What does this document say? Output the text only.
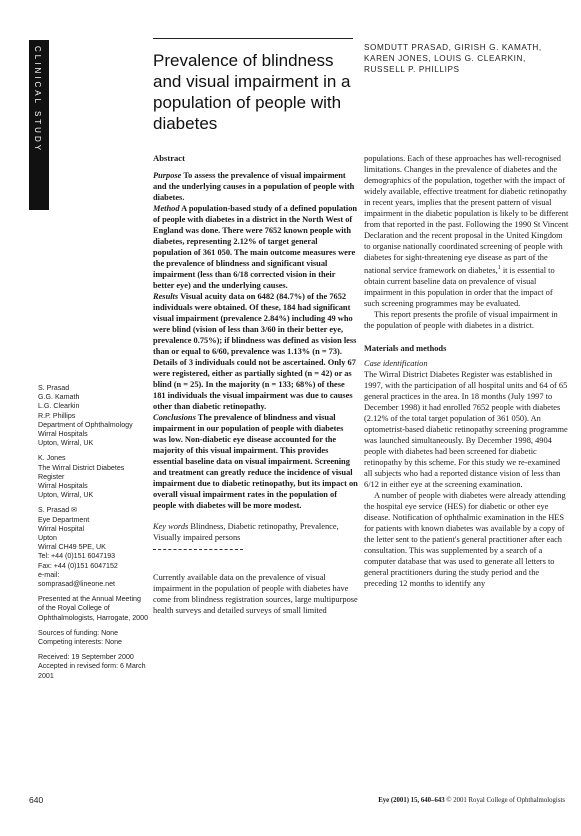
CLINICAL STUDY	Prevalence of blindness and visual impairment in a population of people with diabetes
SOMDUTT PRASAD, GIRISH G. KAMATH, KAREN JONES, LOUIS G. CLEARKIN, RUSSELL P. PHILLIPS

S. Prasad
G.G. Kamath
L.G. Clearkin
R.P. Phillips
Department of Ophthalmology
Wirral Hospitals
Upton, Wirral, UK

K. Jones
The Wirral District Diabetes Register
Wirral Hospitals
Upton, Wirral, UK

S. Prasad ✉
Eye Department
Wirral Hospital
Upton
Wirral CH49 5PE, UK
Tel: +44 (0)151 6047193
Fax: +44 (0)151 6047152
e-mail:
somprasad@lineone.net

Presented at the Annual Meeting of the Royal College of Ophthalmologists, Harrogate, 2000

Sources of funding: None
Competing interests: None

Received: 19 September 2000
Accepted in revised form: 6 March 2001

Abstract

Purpose To assess the prevalence of visual impairment and the underlying causes in a population of people with diabetes.

Method A population-based study of a defined population of people with diabetes in a district in the North West of England was done. There were 7652 known people with diabetes, representing 2.12% of target general population of 361 050. The main outcome measures were the prevalence of blindness and significant visual impairment (less than 6/18 corrected vision in their better eye) and the underlying causes.

Results Visual acuity data on 6482 (84.7%) of the 7652 individuals were obtained. Of these, 184 had significant visual impairment (prevalence 2.84%) including 49 who were blind (vision of less than 3/60 in their better eye, prevalence 0.75%); if blindness was defined as vision less than or equal to 6/60, prevalence was 1.13% (n = 73). Details of 3 individuals could not be ascertained. Only 67 were registered, either as partially sighted (n = 42) or as blind (n = 25). In the majority (n = 133; 68%) of these 181 individuals the visual impairment was due to causes other than diabetic retinopathy.

Conclusions The prevalence of blindness and visual impairment in our population of people with diabetes was low. Non-diabetic eye disease accounted for the majority of this visual impairment. This provides essential baseline data on visual impairment. Screening and treatment can greatly reduce the incidence of visual impairment due to diabetic retinopathy, but its impact on overall visual impairment rates in the population of people with diabetes will be more modest.

Key words Blindness, Diabetic retinopathy, Prevalence, Visually impaired persons

Currently available data on the prevalence of visual impairment in the population of people with diabetes have come from blindness registration sources, large multipurpose health surveys and detailed surveys of small limited

populations. Each of these approaches has well-recognised limitations. Changes in the prevalence of diabetes and the demographics of the population, together with the impact of widely available, effective treatment for diabetic retinopathy in recent years, implies that the present pattern of visual impairment in the diabetic population is likely to be different from that reported in the past. Following the 1990 St Vincent Declaration and the recent proposal in the United Kingdom to organise nationally coordinated screening of people with diabetes for sight-threatening eye disease as part of the national service framework on diabetes,$^1$ it is essential to obtain current baseline data on prevalence of visual impairment in this population in order that the impact of such screening programmes may be evaluated.

This report presents the profile of visual impairment in the population of people with diabetes in a district.

Materials and methods
Case identification

The Wirral District Diabetes Register was established in 1997, with the participation of all hospital units and 64 of 65 general practices in the area. In 18 months (July 1997 to December 1998) it had enrolled 7652 people with diabetes (2.12% of the total target population of 361 050). An optometrist-based diabetic retinopathy screening programme was launched simultaneously. By December 1998, 4904 people with diabetes had been screened for diabetic retinopathy by this scheme. For this study we re-examined all subjects who had a reported distance vision of less than 6/12 in either eye at the screening examination.

A number of people with diabetes were already attending the hospital eye service (HES) for diabetic or other eye disease. Notification of ophthalmic examination in the HES for patients with known diabetes was available by a copy of the letter sent to the patient's general practitioner after each consultation. This was supplemented by a search of a computer database that was used to generate all letters to general practitioners during the study period and the preceding 12 months to identify any

640	Eye (2001) 15, 640–643 © 2001 Royal College of Ophthalmologists
